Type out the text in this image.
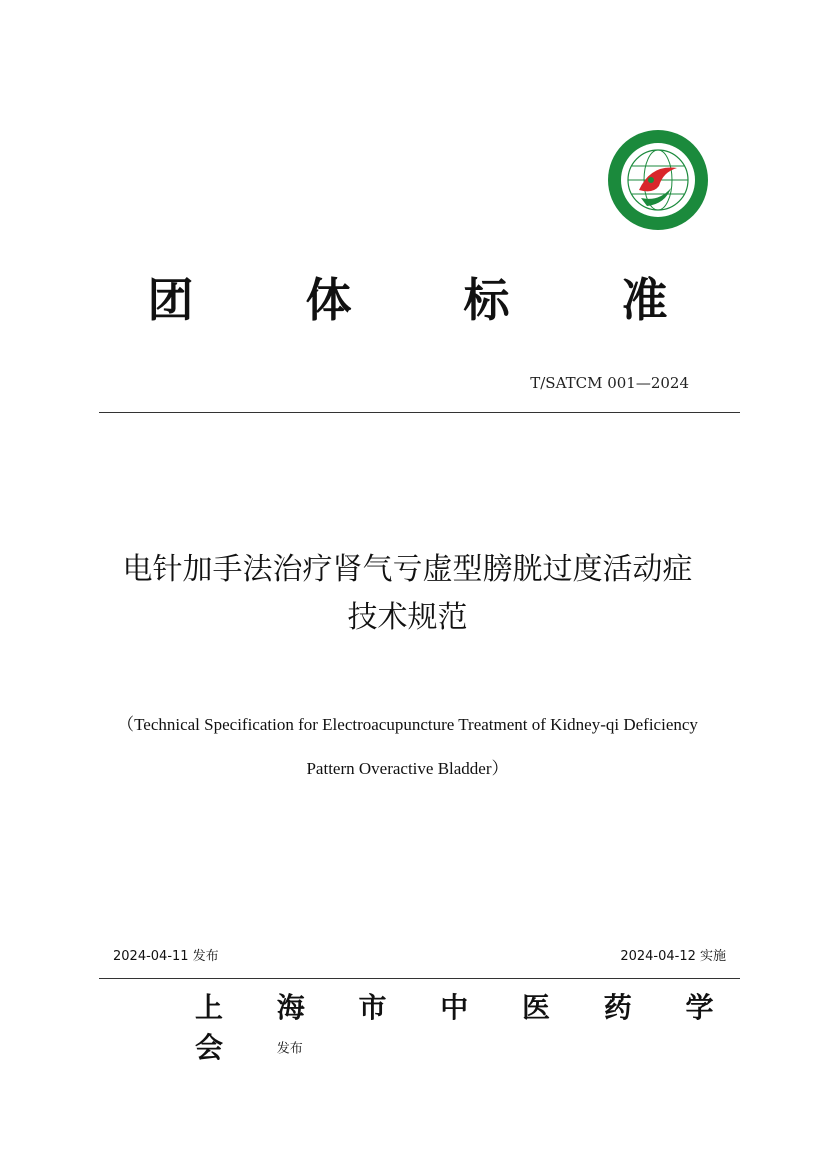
团 体 标 准
T/SATCM 001—2024
电针加手法治疗肾气亏虚型膀胱过度活动症
技术规范
（Technical Specification for Electroacupuncture Treatment of Kidney-qi Deficiency
Pattern Overactive Bladder）
2024-04-11 发布	2024-04-12 实施
上 海 市 中 医 药 学 会 发布
